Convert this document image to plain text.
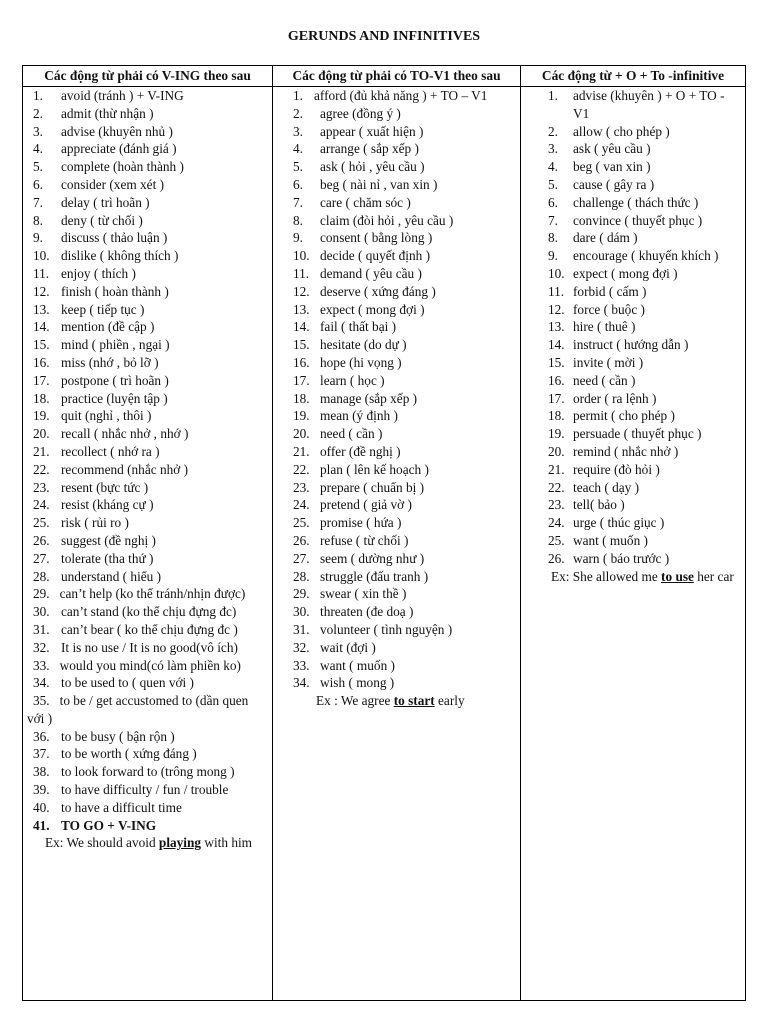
GERUNDS AND INFINITIVES
Các động từ phải có V-ING theo sau
1.	avoid (tránh ) + V-ING
2.	admit (thừ nhận )
3.	advise (khuyên nhủ )
4.	appreciate (đánh giá )
5.	complete (hoàn thành )
6.	consider (xem xét )
7.	delay ( trì hoãn )
8.	deny ( từ chối )
9.	discuss ( thảo luận )
10. dislike ( không thích )
11. enjoy ( thích )
12. finish ( hoàn thành )
13. keep ( tiếp tục )
14. mention (đề cập )
15. mind ( phiền , ngại )
16. miss (nhớ , bỏ lỡ )
17. postpone ( trì hoãn )
18. practice (luyện tập )
19. quit (nghỉ , thôi )
20. recall ( nhắc nhở , nhớ )
21. recollect ( nhớ ra )
22. recommend (nhắc nhở )
23. resent (bực tức )
24. resist (kháng cự )
25. risk ( rủi ro )
26. suggest (đề nghị )
27. tolerate (tha thứ )
28. understand ( hiểu )
29. can’t help (ko thể tránh/nhịn được)
30. can’t stand (ko thể chịu đựng đc)
31. can’t bear ( ko thể chịu đựng đc )
32. It is no use / It is no good(vô ích)
33. would you mind(có làm phiền ko)
34. to be used to ( quen với )
35. to be / get accustomed to (dần quen với )
36. to be busy ( bận rộn )
37. to be worth ( xứng đáng )
38. to look forward to (trông mong )
39. to have difficulty / fun / trouble
40. to have a difficult time
41. TO GO + V-ING
Ex: We should avoid playing with him
Các động từ phải có TO-V1 theo sau
1. afford (đủ khả năng ) + TO – V1
2.	agree (đồng ý )
3.	appear ( xuất hiện )
4.	arrange ( sắp xếp )
5.	ask ( hỏi , yêu cầu )
6.	beg ( nài nỉ , van xin )
7.	care ( chăm sóc )
8.	claim (đòi hỏi , yêu cầu )
9.	consent ( bằng lòng )
10. decide ( quyết định )
11. demand ( yêu cầu )
12. deserve ( xứng đáng )
13. expect ( mong đợi )
14. fail ( thất bại )
15. hesitate (do dự )
16. hope (hi vọng )
17. learn ( học )
18. manage (sắp xếp )
19. mean (ý định )
20. need ( cần )
21. offer (đề nghị )
22. plan ( lên kế hoạch )
23. prepare ( chuẩn bị )
24. pretend ( giả vờ )
25. promise ( hứa )
26. refuse ( từ chối )
27. seem ( dường như )
28. struggle (đấu tranh )
29. swear ( xin thề )
30. threaten (đe doạ )
31. volunteer ( tình nguyện )
32. wait (đợi )
33. want ( muốn )
34. wish ( mong )
Ex : We agree to start early
Các động từ + O + To -infinitive
1.	advise (khuyên ) + O + TO - V1
2.	allow ( cho phép )
3.	ask ( yêu cầu )
4.	beg ( van xin )
5.	cause ( gây ra )
6.	challenge ( thách thức )
7.	convince ( thuyết phục )
8.	dare ( dám )
9.	encourage ( khuyến khích )
10. expect ( mong đợi )
11. forbid ( cấm )
12. force ( buộc )
13. hire ( thuê )
14. instruct ( hướng dẫn )
15. invite ( mời )
16. need ( cần )
17. order ( ra lệnh )
18. permit ( cho phép )
19. persuade ( thuyết phục )
20. remind ( nhắc nhở )
21. require (đò hỏi )
22. teach ( dạy )
23. tell( bảo )
24. urge ( thúc giục )
25. want ( muốn )
26. warn ( báo trước )
Ex: She allowed me to use her car
